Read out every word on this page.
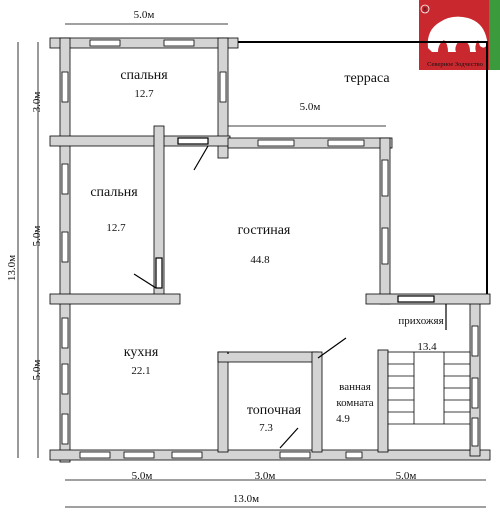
®
Северное Зодчество
спальня
12.7
терраса
спальня
12.7	гостиная
44.8
кухня
22.1
топочная
7.3
ванная
комната
4.9
прихожяя
13.4
5.0м
5.0м
3.0м
5.0м
5.0м
13.0м
5.0м	3.0м	5.0м
13.0м
